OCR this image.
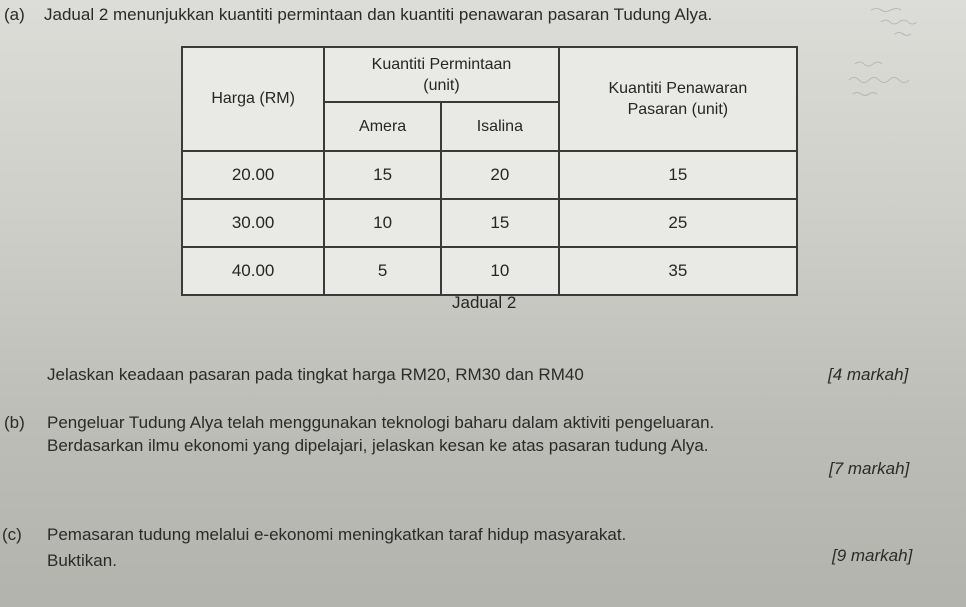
(a) Jadual 2 menunjukkan kuantiti permintaan dan kuantiti penawaran pasaran Tudung Alya.
Harga (RM)	Kuantiti Permintaan (unit)		Kuantiti Penawaran Pasaran (unit)
	Amera	Isalina	
20.00	15	20	15
30.00	10	15	25
40.00	5	10	35
Jadual 2
Jelaskan keadaan pasaran pada tingkat harga RM20, RM30 dan RM40	[4 markah]
(b) Pengeluar Tudung Alya telah menggunakan teknologi baharu dalam aktiviti pengeluaran.
Berdasarkan ilmu ekonomi yang dipelajari, jelaskan kesan ke atas pasaran tudung Alya.
[7 markah]
(c) Pemasaran tudung melalui e-ekonomi meningkatkan taraf hidup masyarakat.
Buktikan.	[9 markah]
